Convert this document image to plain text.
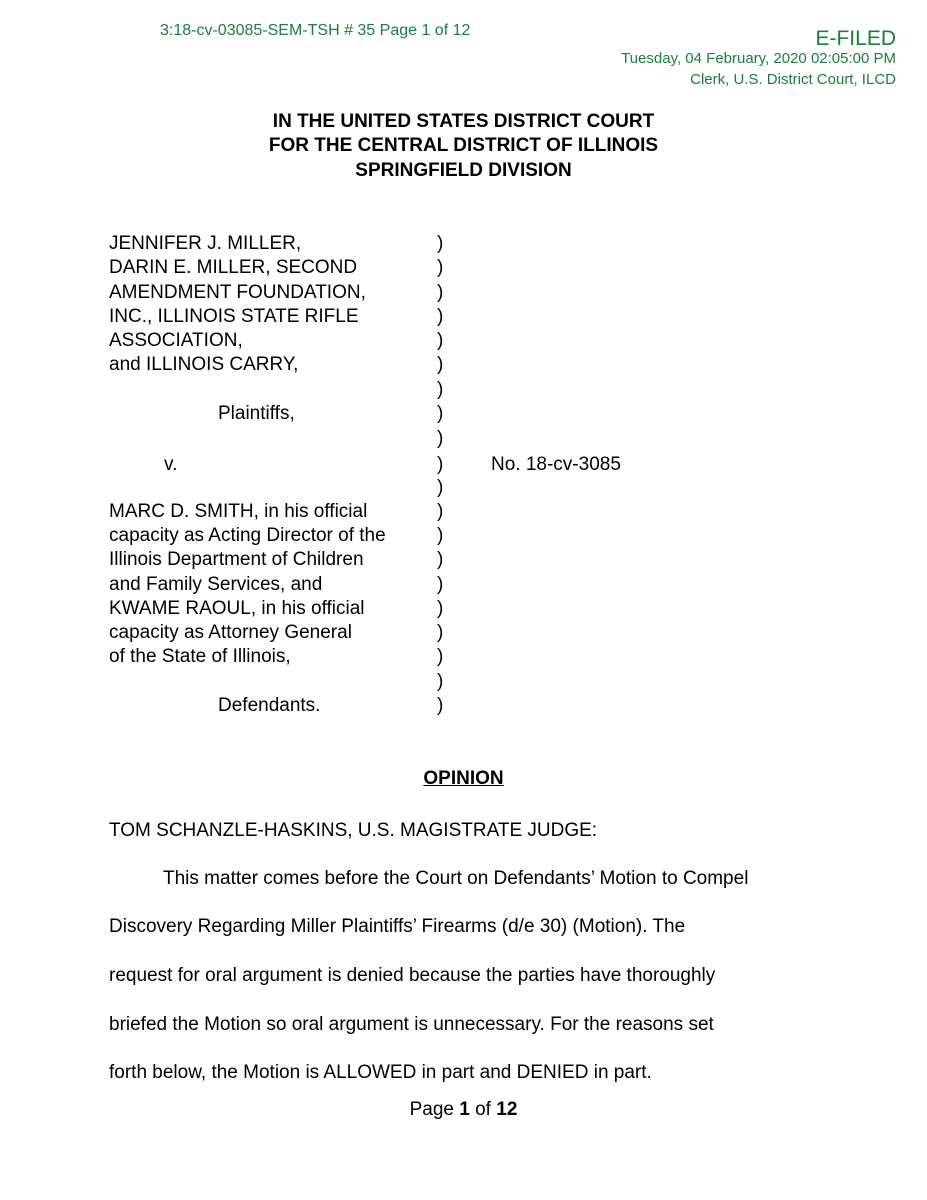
3:18-cv-03085-SEM-TSH # 35 Page 1 of 12	E-FILED
Tuesday, 04 February, 2020 02:05:00 PM
Clerk, U.S. District Court, ILCD
IN THE UNITED STATES DISTRICT COURT
FOR THE CENTRAL DISTRICT OF ILLINOIS
SPRINGFIELD DIVISION
JENNIFER J. MILLER,
DARIN E. MILLER, SECOND
AMENDMENT FOUNDATION,
INC., ILLINOIS STATE RIFLE
ASSOCIATION,
and ILLINOIS CARRY,
Plaintiffs,
v.	No. 18-cv-3085
MARC D. SMITH, in his official
capacity as Acting Director of the
Illinois Department of Children
and Family Services, and
KWAME RAOUL, in his official
capacity as Attorney General
of the State of Illinois,
Defendants.
)
)
)
)
)
)
)
)
)
)
)
)
)
)
)
)
)
)
)
)
OPINION
TOM SCHANZLE-HASKINS, U.S. MAGISTRATE JUDGE:
This matter comes before the Court on Defendants’ Motion to Compel
Discovery Regarding Miller Plaintiffs’ Firearms (d/e 30) (Motion). The
request for oral argument is denied because the parties have thoroughly
briefed the Motion so oral argument is unnecessary. For the reasons set
forth below, the Motion is ALLOWED in part and DENIED in part.
Page 1 of 12
